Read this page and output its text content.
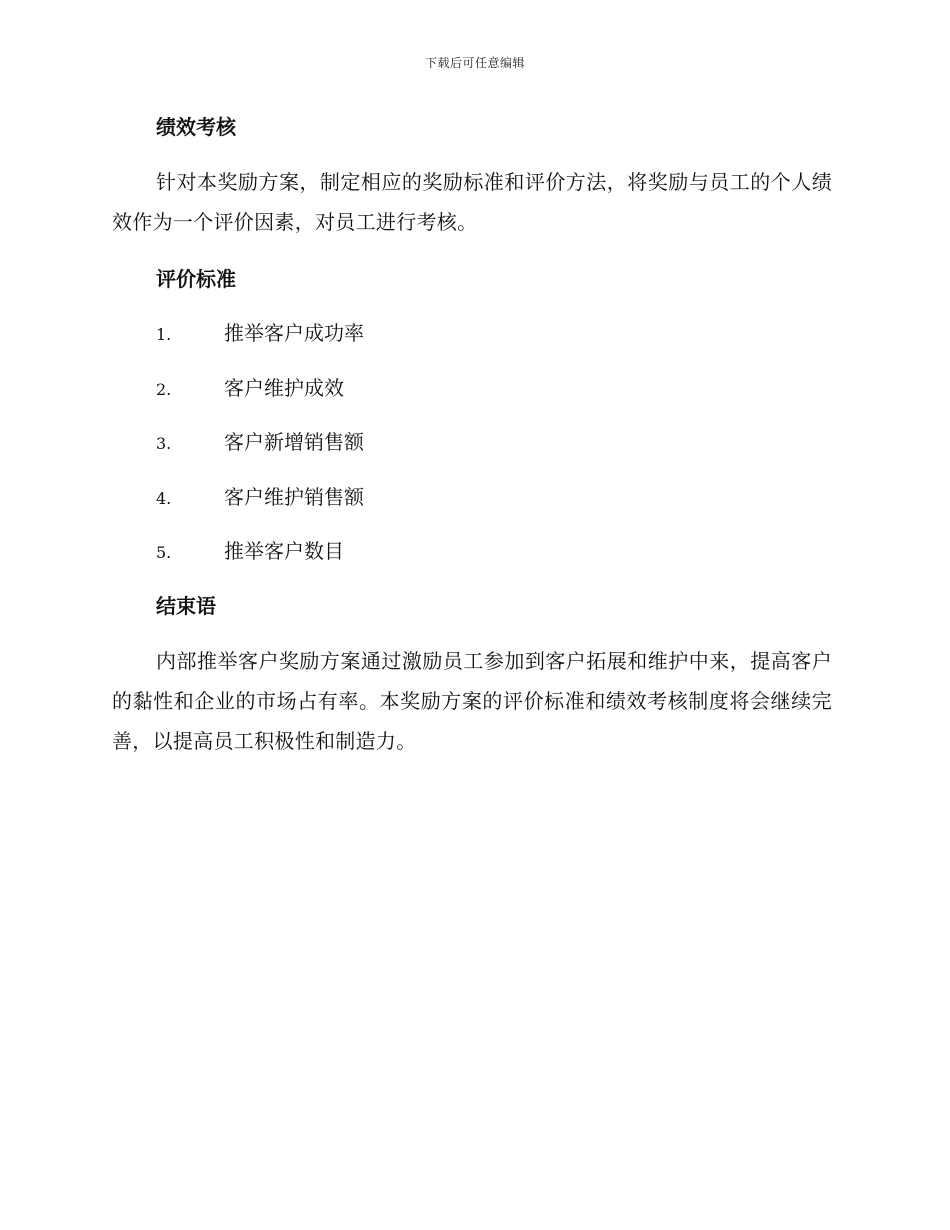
下载后可任意编辑
绩效考核

针对本奖励方案，制定相应的奖励标准和评价方法，将奖励与员工的个人绩效作为一个评价因素，对员工进行考核。

评价标准
1.	推举客户成功率
2.	客户维护成效
3.	客户新增销售额
4.	客户维护销售额
5.	推举客户数目
结束语

内部推举客户奖励方案通过激励员工参加到客户拓展和维护中来，提高客户的黏性和企业的市场占有率。本奖励方案的评价标准和绩效考核制度将会继续完善，以提高员工积极性和制造力。
